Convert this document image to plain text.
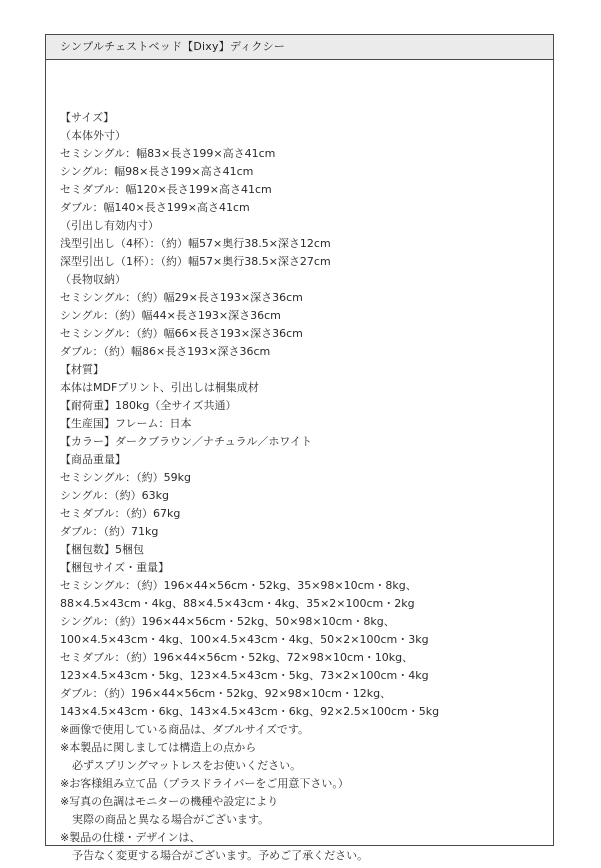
シンプルチェストベッド【Dixy】ディクシー
【サイズ】
（本体外寸）
セミシングル：幅83×長さ199×高さ41cm
シングル：幅98×長さ199×高さ41cm
セミダブル：幅120×長さ199×高さ41cm
ダブル：幅140×長さ199×高さ41cm
（引出し有効内寸）
浅型引出し（4杯）：（約）幅57×奥行38.5×深さ12cm
深型引出し（1杯）：（約）幅57×奥行38.5×深さ27cm
（長物収納）
セミシングル：（約）幅29×長さ193×深さ36cm
シングル：（約）幅44×長さ193×深さ36cm
セミシングル：（約）幅66×長さ193×深さ36cm
ダブル：（約）幅86×長さ193×深さ36cm
【材質】
本体はMDFプリント、引出しは桐集成材
【耐荷重】180kg（全サイズ共通）
【生産国】フレーム：日本
【カラー】ダークブラウン／ナチュラル／ホワイト
【商品重量】
セミシングル：（約）59kg
シングル：（約）63kg
セミダブル：（約）67kg
ダブル：（約）71kg
【梱包数】5梱包
【梱包サイズ・重量】
セミシングル：（約）196×44×56cm・52kg、35×98×10cm・8kg、
88×4.5×43cm・4kg、88×4.5×43cm・4kg、35×2×100cm・2kg
シングル：（約）196×44×56cm・52kg、50×98×10cm・8kg、
100×4.5×43cm・4kg、100×4.5×43cm・4kg、50×2×100cm・3kg
セミダブル：（約）196×44×56cm・52kg、72×98×10cm・10kg、
123×4.5×43cm・5kg、123×4.5×43cm・5kg、73×2×100cm・4kg
ダブル：（約）196×44×56cm・52kg、92×98×10cm・12kg、
143×4.5×43cm・6kg、143×4.5×43cm・6kg、92×2.5×100cm・5kg
※画像で使用している商品は、ダブルサイズです。
※本製品に関しましては構造上の点から
必ずスプリングマットレスをお使いください。
※お客様組み立て品（プラスドライバーをご用意下さい。）
※写真の色調はモニターの機種や設定により
実際の商品と異なる場合がございます。
※製品の仕様・デザインは、
予告なく変更する場合がございます。予めご了承ください。
